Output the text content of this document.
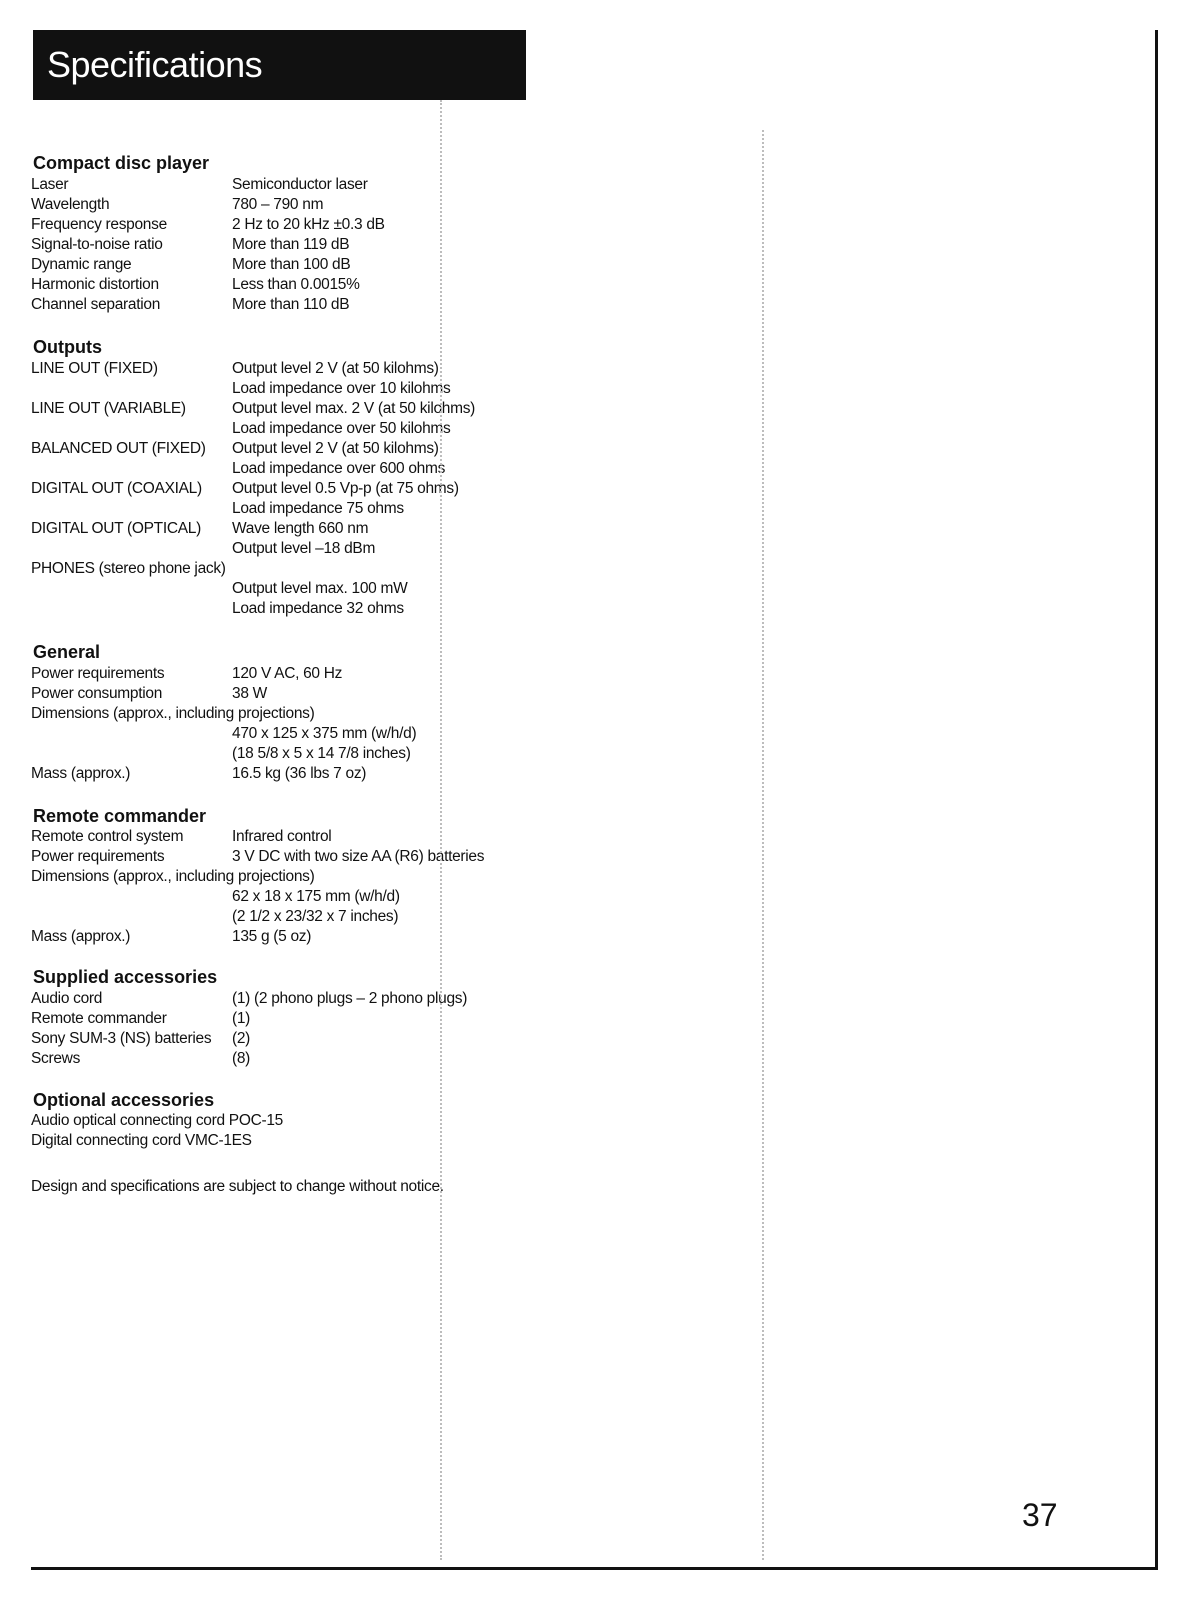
Specifications
Compact disc player
Laser	Semiconductor laser
Wavelength	780 – 790 nm
Frequency response	2 Hz to 20 kHz ±0.3 dB
Signal-to-noise ratio	More than 119 dB
Dynamic range	More than 100 dB
Harmonic distortion	Less than 0.0015%
Channel separation	More than 110 dB
Outputs
LINE OUT (FIXED)	Output level 2 V (at 50 kilohms)
Load impedance over 10 kilohms
LINE OUT (VARIABLE)	Output level max. 2 V (at 50 kilohms)
Load impedance over 50 kilohms
BALANCED OUT (FIXED) Output level 2 V (at 50 kilohms)
Load impedance over 600 ohms
DIGITAL OUT (COAXIAL) Output level 0.5 Vp-p (at 75 ohms)
Load impedance 75 ohms
DIGITAL OUT (OPTICAL) Wave length 660 nm
Output level –18 dBm
PHONES (stereo phone jack)
Output level max. 100 mW
Load impedance 32 ohms
General
Power requirements	120 V AC, 60 Hz
Power consumption	38 W
Dimensions (approx., including projections)
470 x 125 x 375 mm (w/h/d)
(18 5/8 x 5 x 14 7/8 inches)
Mass (approx.)	16.5 kg (36 lbs 7 oz)
Remote commander
Remote control system	Infrared control
Power requirements	3 V DC with two size AA (R6) batteries
Dimensions (approx., including projections)
62 x 18 x 175 mm (w/h/d)
(2 1/2 x 23/32 x 7 inches)
Mass (approx.)	135 g (5 oz)
Supplied accessories
Audio cord	(1) (2 phono plugs – 2 phono plugs)
Remote commander	(1)
Sony SUM-3 (NS) batteries (2)
Screws	(8)
Optional accessories
Audio optical connecting cord POC-15
Digital connecting cord VMC-1ES
Design and specifications are subject to change without notice.
37
